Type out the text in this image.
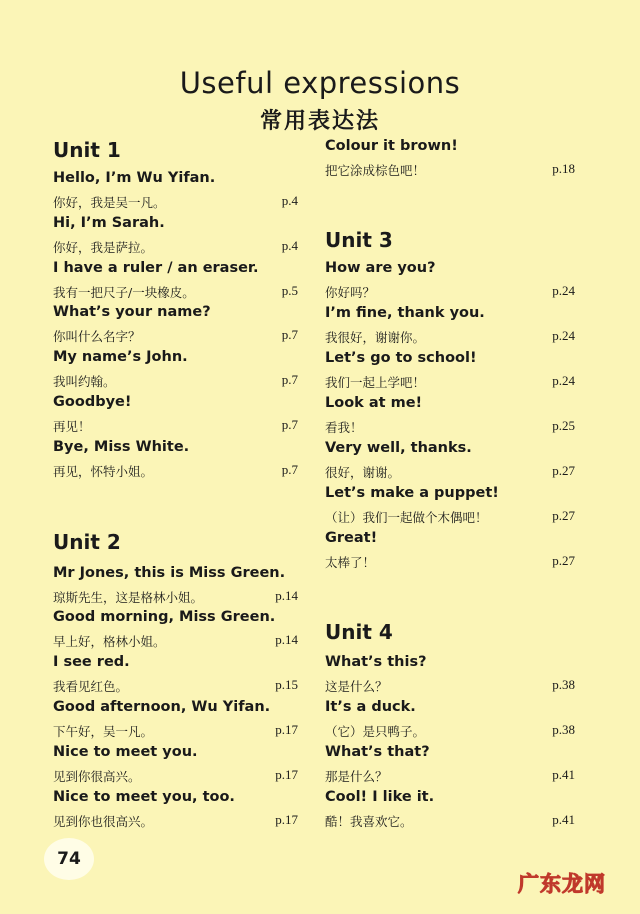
Useful expressions
常用表达法
Unit 1
Hello, I’m Wu Yifan.
你好，我是吴一凡。	p.4
Hi, I’m Sarah.
你好，我是萨拉。	p.4
I have a ruler / an eraser.
我有一把尺子/一块橡皮。	p.5
What’s your name?
你叫什么名字？	p.7
My name’s John.
我叫约翰。	p.7
Goodbye!
再见！	p.7
Bye, Miss White.
再见，怀特小姐。	p.7
Unit 2
Mr Jones, this is Miss Green.
琼斯先生，这是格林小姐。	p.14
Good morning, Miss Green.
早上好，格林小姐。	p.14
I see red.
我看见红色。	p.15
Good afternoon, Wu Yifan.
下午好，吴一凡。	p.17
Nice to meet you.
见到你很高兴。	p.17
Nice to meet you, too.
见到你也很高兴。	p.17
Colour it brown!
把它涂成棕色吧！	p.18
Unit 3
How are you?
你好吗？	p.24
I’m fine, thank you.
我很好，谢谢你。	p.24
Let’s go to school!
我们一起上学吧！	p.24
Look at me!
看我！	p.25
Very well, thanks.
很好，谢谢。	p.27
Let’s make a puppet!
（让）我们一起做个木偶吧！	p.27
Great!
太棒了！	p.27
Unit 4
What’s this?
这是什么？	p.38
It’s a duck.
（它）是只鸭子。	p.38
What’s that?
那是什么？	p.41
Cool! I like it.
酷！我喜欢它。	p.41
74
广东龙网
